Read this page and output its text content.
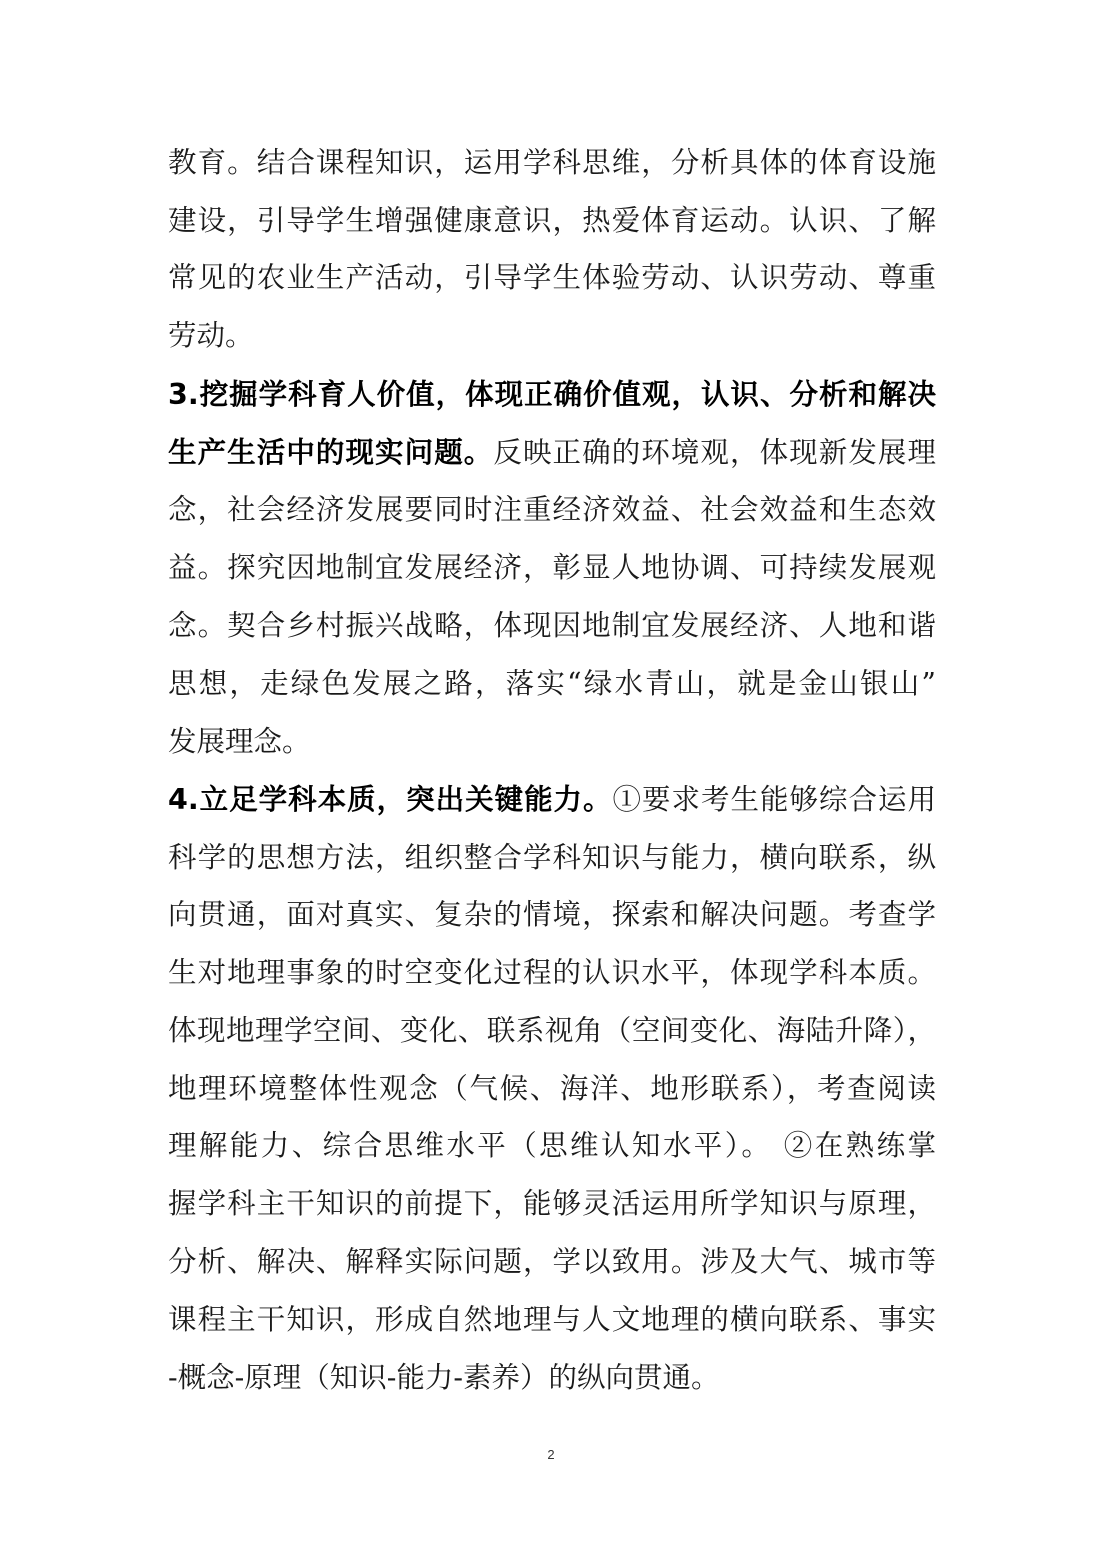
教育。结合课程知识，运用学科思维，分析具体的体育设施
建设，引导学生增强健康意识，热爱体育运动。认识、了解
常见的农业生产活动，引导学生体验劳动、认识劳动、尊重
劳动。
3.挖掘学科育人价值，体现正确价值观，认识、分析和解决
生产生活中的现实问题。反映正确的环境观，体现新发展理
念，社会经济发展要同时注重经济效益、社会效益和生态效
益。探究因地制宜发展经济，彰显人地协调、可持续发展观
念。契合乡村振兴战略，体现因地制宜发展经济、人地和谐
思想，走绿色发展之路，落实“绿水青山，就是金山银山”
发展理念。
4.立足学科本质，突出关键能力。①要求考生能够综合运用
科学的思想方法，组织整合学科知识与能力，横向联系，纵
向贯通，面对真实、复杂的情境，探索和解决问题。考查学
生对地理事象的时空变化过程的认识水平，体现学科本质。
体现地理学空间、变化、联系视角（空间变化、海陆升降），
地理环境整体性观念（气候、海洋、地形联系），考查阅读
理解能力、综合思维水平（思维认知水平）。 ②在熟练掌
握学科主干知识的前提下，能够灵活运用所学知识与原理，
分析、解决、解释实际问题，学以致用。涉及大气、城市等
课程主干知识，形成自然地理与人文地理的横向联系、事实
-概念-原理（知识-能力-素养）的纵向贯通。
2
